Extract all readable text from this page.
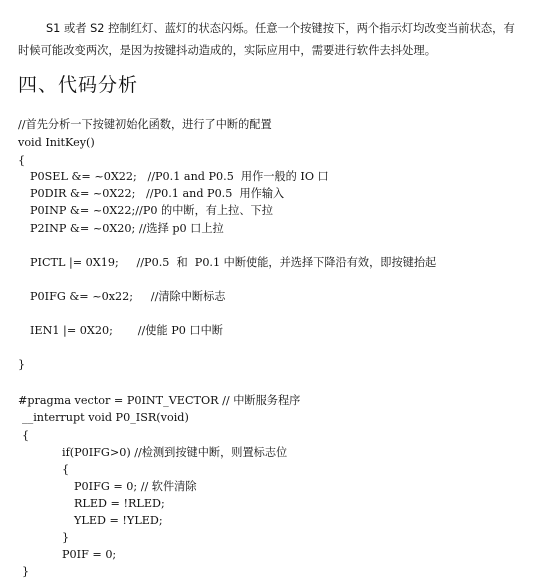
S1 或者 S2 控制红灯、蓝灯的状态闪烁。任意一个按键按下，两个指示灯均改变当前状态，有
时候可能改变两次，是因为按键抖动造成的，实际应用中，需要进行软件去抖处理。

四、代码分析
//首先分析一下按键初始化函数，进行了中断的配置
void InitKey()
{
P0SEL &= ~0X22;   //P0.1 and P0.5  用作一般的 IO 口
P0DIR &= ~0X22;   //P0.1 and P0.5  用作输入
P0INP &= ~0X22;//P0 的中断，有上拉、下拉
P2INP &= ~0X20; //选择 p0 口上拉
PICTL |= 0X19;     //P0.5  和  P0.1 中断使能，并选择下降沿有效，即按键抬起
P0IFG &= ~0x22;     //清除中断标志
IEN1 |= 0X20;       //使能 P0 口中断
}
#pragma vector = P0INT_VECTOR // 中断服务程序
__interrupt void P0_ISR(void)
{
if(P0IFG>0) //检测到按键中断，则置标志位
{
P0IFG = 0; // 软件清除
RLED = !RLED;
YLED = !YLED;
}
P0IF = 0;
}
